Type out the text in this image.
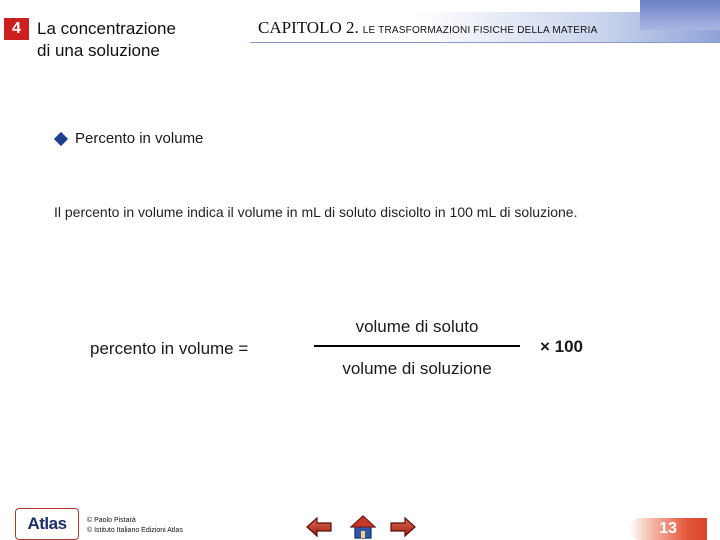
4 La concentrazione
di una soluzione
CAPITOLO 2. LE TRASFORMAZIONI FISICHE DELLA MATERIA
Percento in volume
Il percento in volume indica il volume in mL di soluto disciolto in 100 mL di soluzione.
percento in volume =
volume di soluto
volume di soluzione
× 100
Atlas	© Paolo Pistarà
© Istituto Italiano Edizioni Atlas	13
